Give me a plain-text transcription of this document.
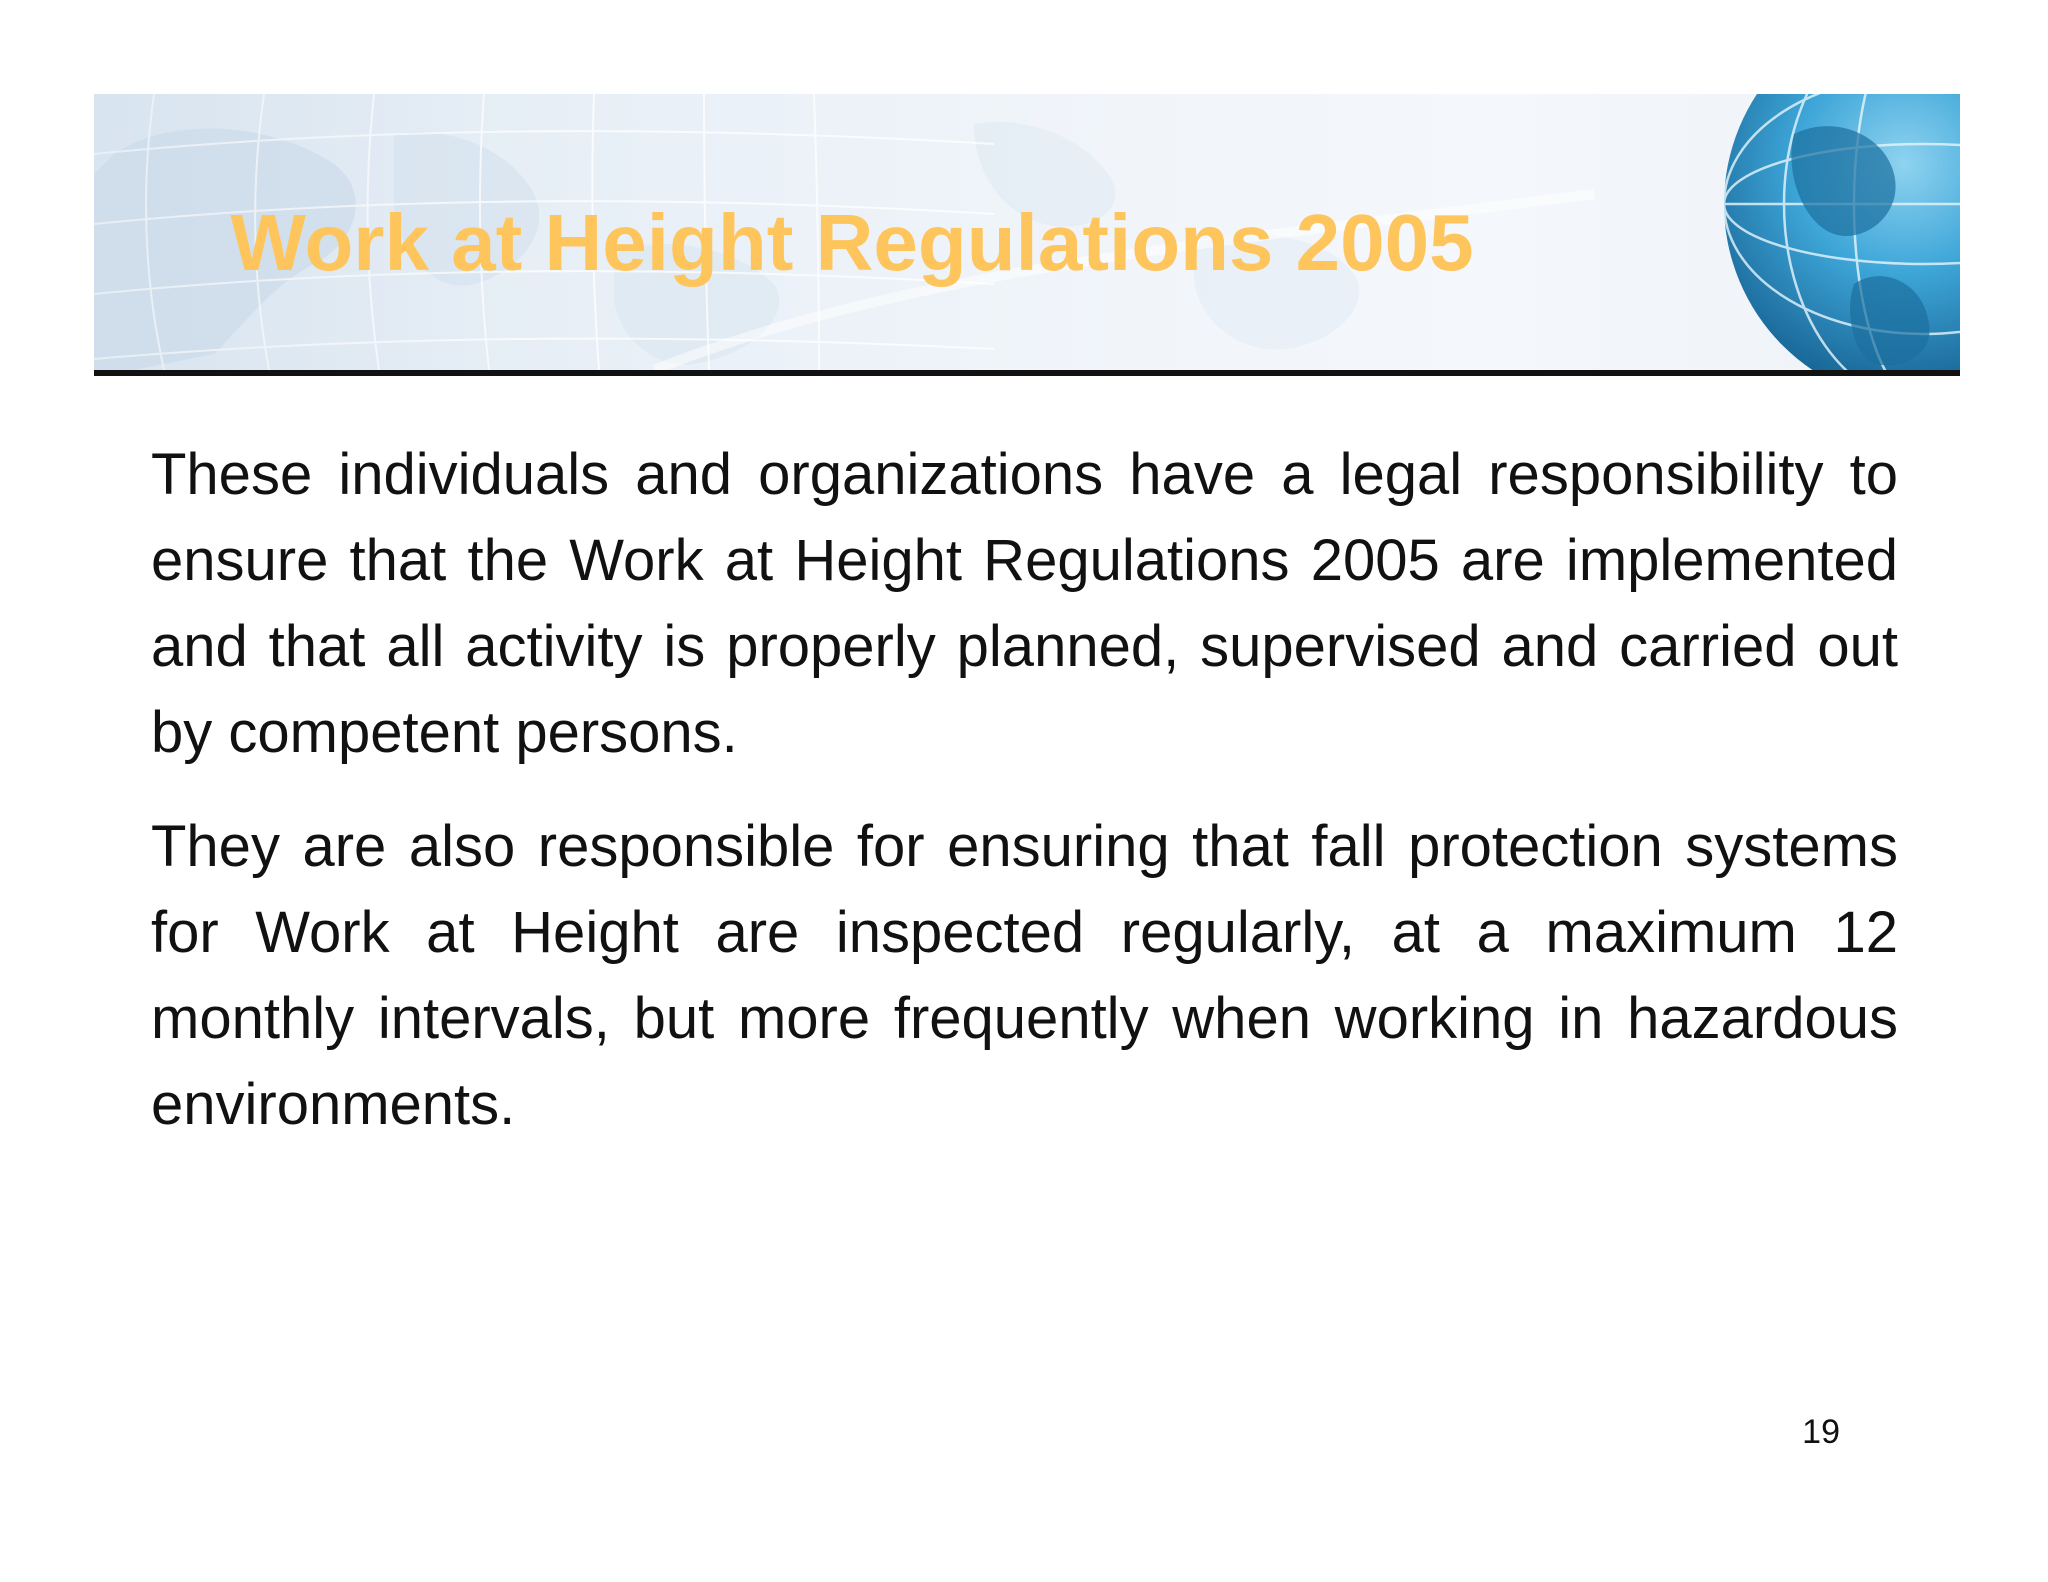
Work at Height Regulations 2005

These individuals and organizations have a legal responsibility to ensure that the Work at Height Regulations 2005 are implemented and that all activity is properly planned, supervised and carried out by competent persons.

They are also responsible for ensuring that fall protection systems for Work at Height are inspected regularly, at a maximum 12 monthly intervals, but more frequently when working in hazardous environments.

19
